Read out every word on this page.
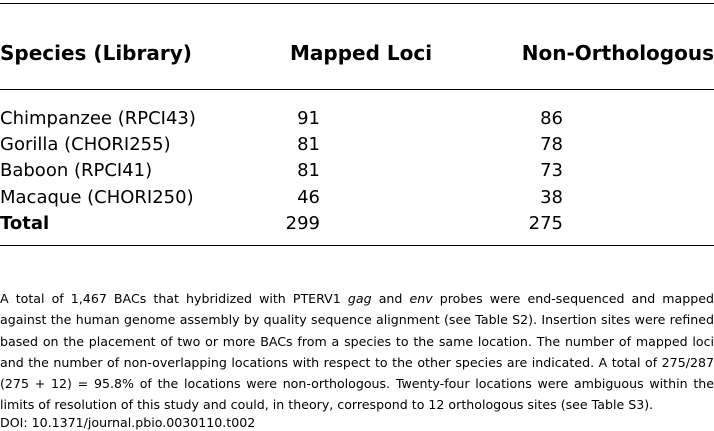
Species (Library)	Mapped Loci	Non-Orthologous
Chimpanzee (RPCI43)	91	86
Gorilla (CHORI255)	81	78
Baboon (RPCI41)	81	73
Macaque (CHORI250)	46	38
Total	299	275

A total of 1,467 BACs that hybridized with PTERV1 gag and env probes were end-sequenced and mapped against the human genome assembly by quality sequence alignment (see Table S2). Insertion sites were refined based on the placement of two or more BACs from a species to the same location. The number of mapped loci and the number of non-overlapping locations with respect to the other species are indicated. A total of 275/287 (275 + 12) = 95.8% of the locations were non-orthologous. Twenty-four locations were ambiguous within the limits of resolution of this study and could, in theory, correspond to 12 orthologous sites (see Table S3).

DOI: 10.1371/journal.pbio.0030110.t002
